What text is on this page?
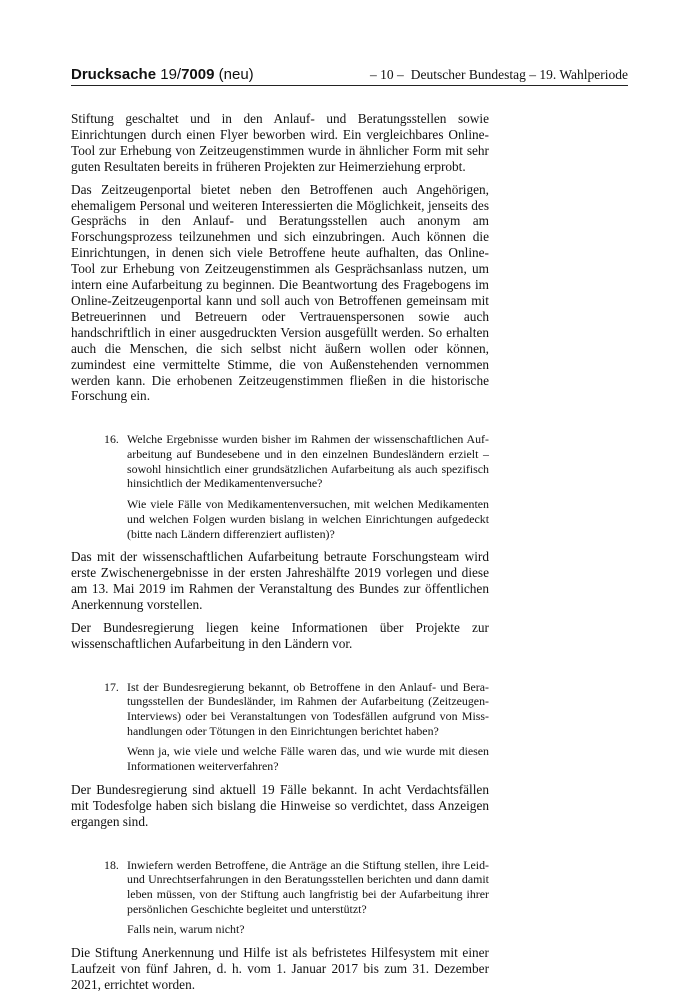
Drucksache 19/7009 (neu)	– 10 – Deutscher Bundestag – 19. Wahlperiode

Stiftung geschaltet und in den Anlauf- und Beratungsstellen sowie Einrichtungen durch einen Flyer beworben wird. Ein vergleichbares Online-Tool zur Erhebung von Zeitzeugenstimmen wurde in ähnlicher Form mit sehr guten Resultaten bereits in früheren Projekten zur Heimerziehung erprobt.

Das Zeitzeugenportal bietet neben den Betroffenen auch Angehörigen, ehemaligem Personal und weiteren Interessierten die Möglichkeit, jenseits des Gesprächs in den Anlauf- und Beratungsstellen auch anonym am Forschungsprozess teilzunehmen und sich einzubringen. Auch können die Einrichtungen, in denen sich viele Betroffene heute aufhalten, das Online-Tool zur Erhebung von Zeitzeugenstimmen als Gesprächsanlass nutzen, um intern eine Aufarbeitung zu beginnen. Die Beantwortung des Fragebogens im Online-Zeitzeugenportal kann und soll auch von Betroffenen gemeinsam mit Betreuerinnen und Betreuern oder Vertrauenspersonen sowie auch handschriftlich in einer ausgedruckten Version ausgefüllt werden. So erhalten auch die Menschen, die sich selbst nicht äußern wollen oder können, zumindest eine vermittelte Stimme, die von Außenstehenden vernommen werden kann. Die erhobenen Zeitzeugenstimmen fließen in die historische Forschung ein.

16. Welche Ergebnisse wurden bisher im Rahmen der wissenschaftlichen Aufarbeitung auf Bundesebene und in den einzelnen Bundesländern erzielt – sowohl hinsichtlich einer grundsätzlichen Aufarbeitung als auch spezifisch hinsichtlich der Medikamentenversuche?

Wie viele Fälle von Medikamentenversuchen, mit welchen Medikamenten und welchen Folgen wurden bislang in welchen Einrichtungen aufgedeckt (bitte nach Ländern differenziert auflisten)?

Das mit der wissenschaftlichen Aufarbeitung betraute Forschungsteam wird erste Zwischenergebnisse in der ersten Jahreshälfte 2019 vorlegen und diese am 13. Mai 2019 im Rahmen der Veranstaltung des Bundes zur öffentlichen Anerkennung vorstellen.

Der Bundesregierung liegen keine Informationen über Projekte zur wissenschaftlichen Aufarbeitung in den Ländern vor.

17. Ist der Bundesregierung bekannt, ob Betroffene in den Anlauf- und Beratungsstellen der Bundesländer, im Rahmen der Aufarbeitung (Zeitzeugen-Interviews) oder bei Veranstaltungen von Todesfällen aufgrund von Misshandlungen oder Tötungen in den Einrichtungen berichtet haben?

Wenn ja, wie viele und welche Fälle waren das, und wie wurde mit diesen Informationen weiterverfahren?

Der Bundesregierung sind aktuell 19 Fälle bekannt. In acht Verdachtsfällen mit Todesfolge haben sich bislang die Hinweise so verdichtet, dass Anzeigen ergangen sind.

18. Inwiefern werden Betroffene, die Anträge an die Stiftung stellen, ihre Leid- und Unrechtserfahrungen in den Beratungsstellen berichten und dann damit leben müssen, von der Stiftung auch langfristig bei der Aufarbeitung ihrer persönlichen Geschichte begleitet und unterstützt?

Falls nein, warum nicht?

Die Stiftung Anerkennung und Hilfe ist als befristetes Hilfesystem mit einer Laufzeit von fünf Jahren, d. h. vom 1. Januar 2017 bis zum 31. Dezember 2021, errichtet worden.
